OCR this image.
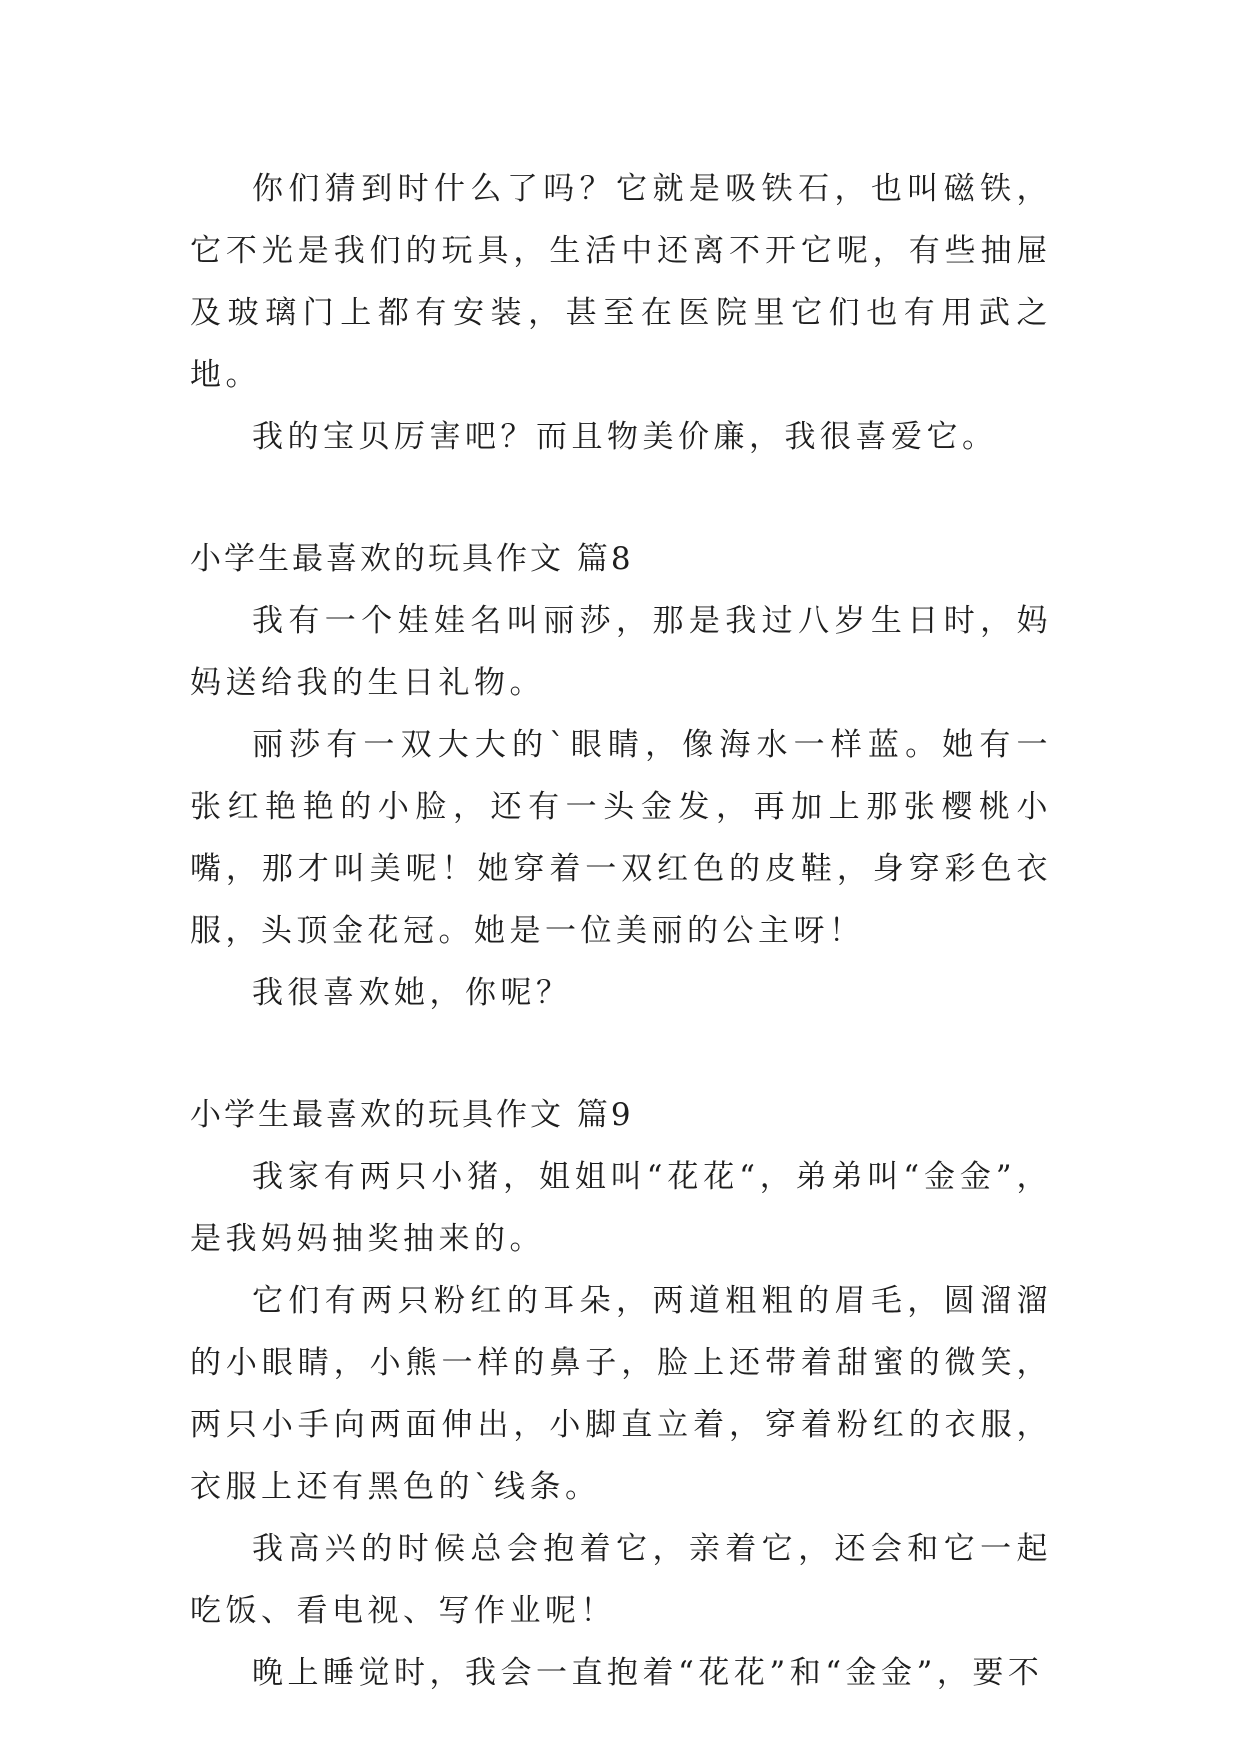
你们猜到时什么了吗？它就是吸铁石，也叫磁铁，它不光是我们的玩具，生活中还离不开它呢，有些抽屉及玻璃门上都有安装，甚至在医院里它们也有用武之地。

我的宝贝厉害吧？而且物美价廉，我很喜爱它。

小学生最喜欢的玩具作文 篇8

我有一个娃娃名叫丽莎，那是我过八岁生日时，妈妈送给我的生日礼物。

丽莎有一双大大的`眼睛，像海水一样蓝。她有一张红艳艳的小脸，还有一头金发，再加上那张樱桃小嘴，那才叫美呢！她穿着一双红色的皮鞋，身穿彩色衣服，头顶金花冠。她是一位美丽的公主呀！

我很喜欢她，你呢？

小学生最喜欢的玩具作文 篇9

我家有两只小猪，姐姐叫“花花“，弟弟叫“金金”，是我妈妈抽奖抽来的。

它们有两只粉红的耳朵，两道粗粗的眉毛，圆溜溜的小眼睛，小熊一样的鼻子，脸上还带着甜蜜的微笑，两只小手向两面伸出，小脚直立着，穿着粉红的衣服，衣服上还有黑色的`线条。

我高兴的时候总会抱着它，亲着它，还会和它一起吃饭、看电视、写作业呢！

晚上睡觉时，我会一直抱着“花花”和“金金”，要不
